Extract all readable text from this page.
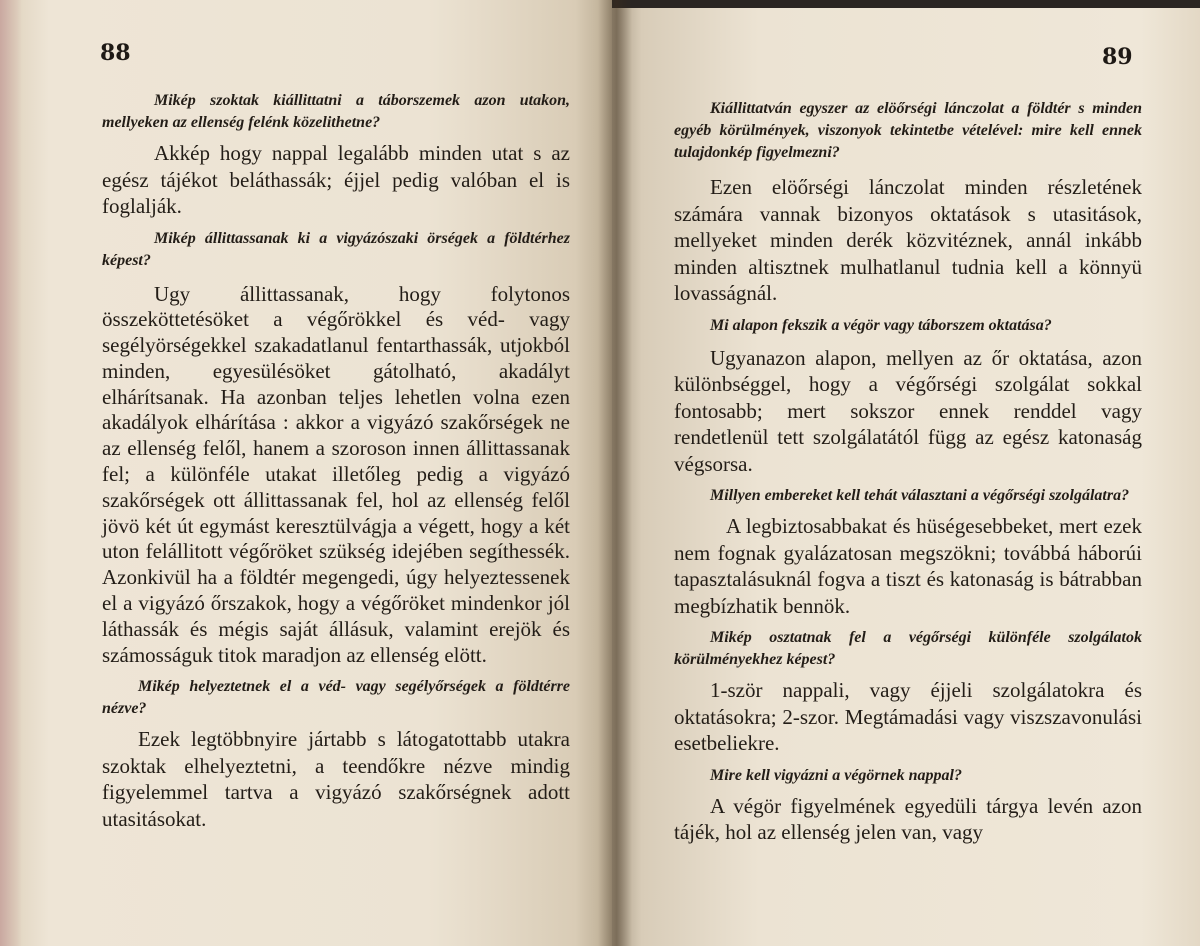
88

Mikép szoktak kiállittatni a táborszemek azon utakon, mellyeken az ellenség felénk közelithetne?

Akkép hogy nappal legalább minden utat s az egész tájékot beláthassák; éjjel pedig valóban el is foglalják.

Mikép állittassanak ki a vigyázószaki örségek a földtérhez képest?

Ugy állittassanak, hogy folytonos összeköttetésöket a végőrökkel és véd- vagy segélyörségekkel szakadatlanul fentarthassák, utjokból minden, egyesülésöket gátolható, akadályt elhárítsanak. Ha azonban teljes lehetlen volna ezen akadályok elhárítása : akkor a vigyázó szakőrségek ne az ellenség felől, hanem a szoroson innen állittassanak fel; a különféle utakat illetőleg pedig a vigyázó szakőrségek ott állittassanak fel, hol az ellenség felől jövö két út egymást keresztülvágja a végett, hogy a két uton felállitott végőröket szükség idejében segíthessék. Azonkivül ha a földtér megengedi, úgy helyeztessenek el a vigyázó őrszakok, hogy a végőröket mindenkor jól láthassák és mégis saját állásuk, valamint erejök és számosságuk titok maradjon az ellenség elött.

Mikép helyeztetnek el a véd- vagy segélyőrségek a földtérre nézve?

Ezek legtöbbnyire jártabb s látogatottabb utakra szoktak elhelyeztetni, a teendőkre nézve mindig figyelemmel tartva a vigyázó szakőrségnek adott utasitásokat.

89

Kiállittatván egyszer az elöőrségi lánczolat a földtér s minden egyéb körülmények, viszonyok tekintetbe vételével: mire kell ennek tulajdonkép figyelmezni?

Ezen elöőrségi lánczolat minden részletének számára vannak bizonyos oktatások s utasitások, mellyeket minden derék közvitéznek, annál inkább minden altisztnek mulhatlanul tudnia kell a könnyü lovasságnál.

Mi alapon fekszik a végör vagy táborszem oktatása?

Ugyanazon alapon, mellyen az őr oktatása, azon különbséggel, hogy a végőrségi szolgálat sokkal fontosabb; mert sokszor ennek renddel vagy rendetlenül tett szolgálatától függ az egész katonaság végsorsa.

Millyen embereket kell tehát választani a végőrségi szolgálatra?

A legbiztosabbakat és hüségesebbeket, mert ezek nem fognak gyalázatosan megszökni; továbbá háborúi tapasztalásuknál fogva a tiszt és katonaság is bátrabban megbízhatik bennök.

Mikép osztatnak fel a végőrségi különféle szolgálatok körülményekhez képest?

1-ször nappali, vagy éjjeli szolgálatokra és oktatásokra; 2-szor. Megtámadási vagy viszszavonulási esetbeliekre.

Mire kell vigyázni a végörnek nappal?

A végör figyelmének egyedüli tárgya levén azon tájék, hol az ellenség jelen van, vagy
